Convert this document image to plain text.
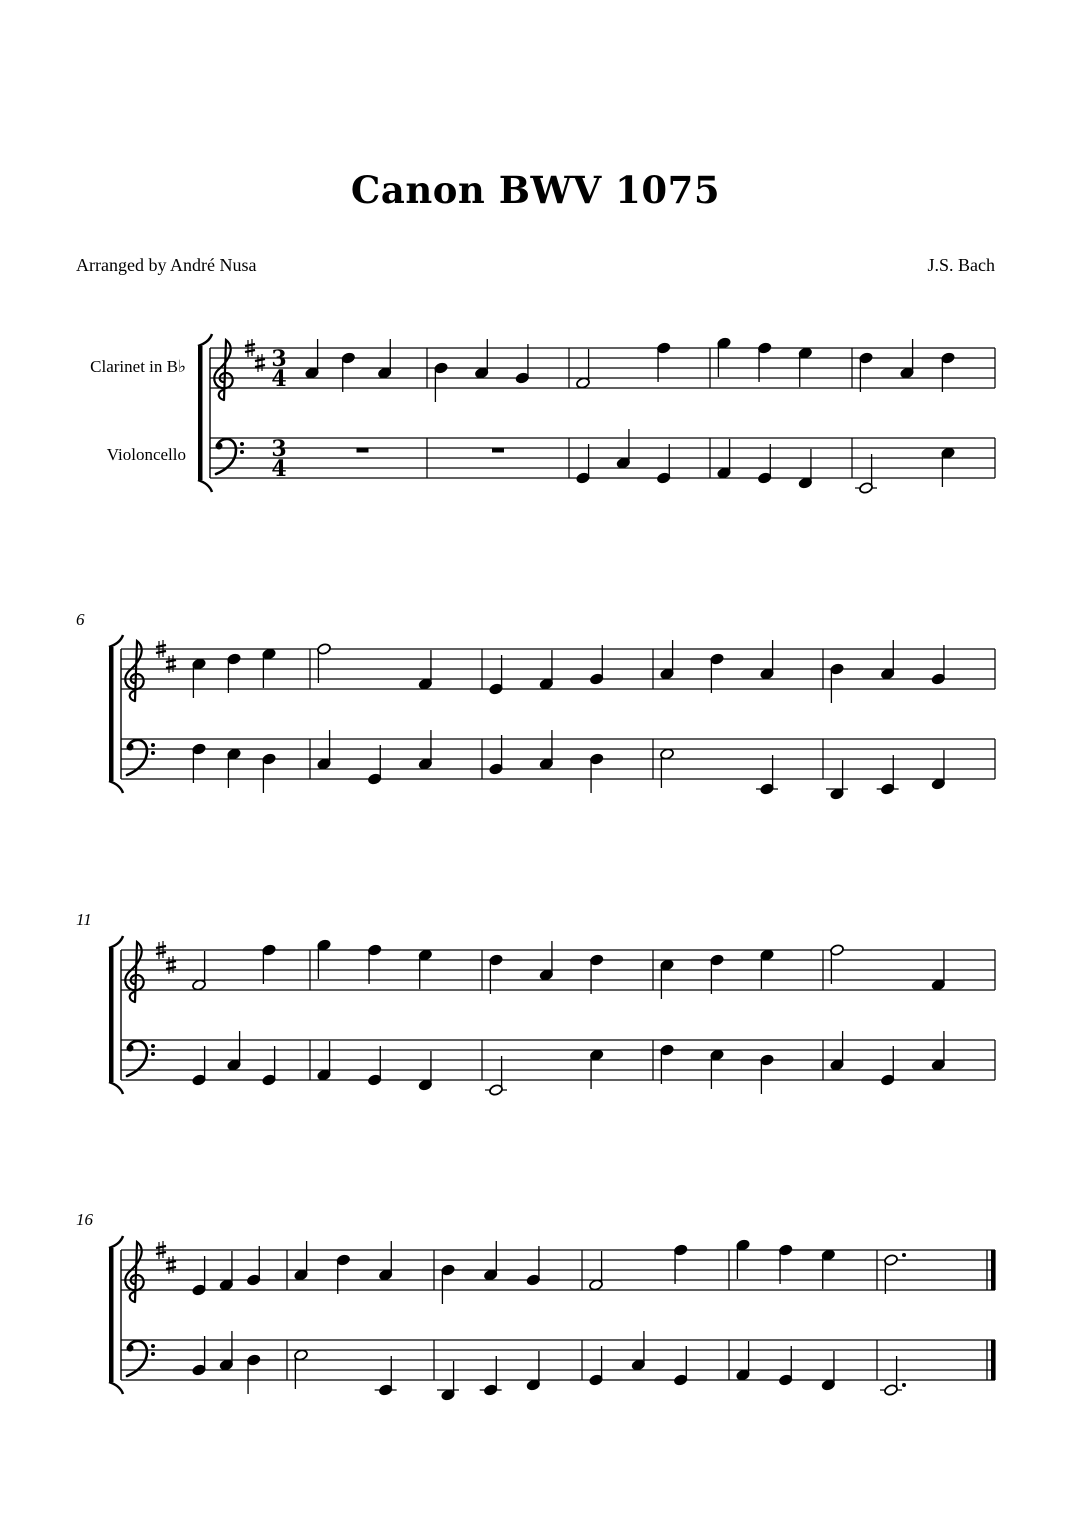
Canon BWV 1075
Arranged by André Nusa	J.S. Bach
Clarinet in B♭
Violoncello
6
11
16
3
4
3
4
